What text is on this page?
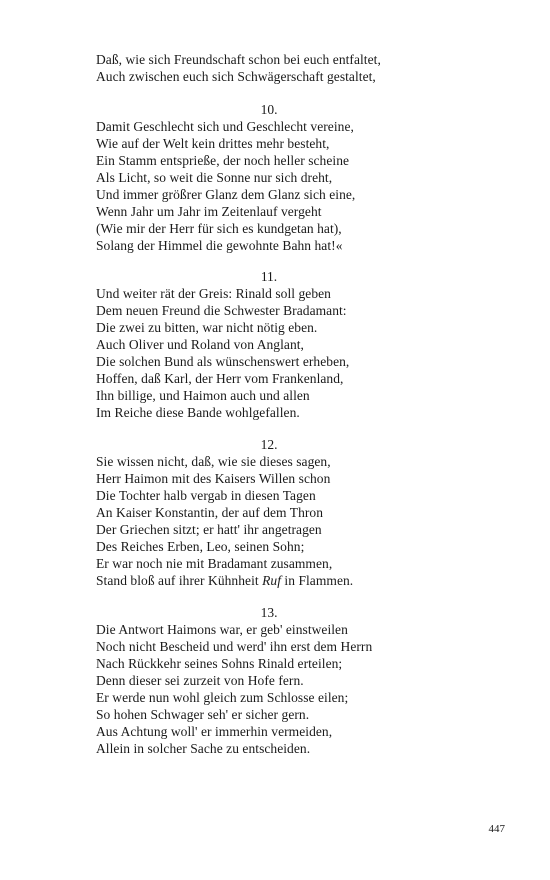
Daß, wie sich Freundschaft schon bei euch entfaltet,
Auch zwischen euch sich Schwägerschaft gestaltet,
10.
Damit Geschlecht sich und Geschlecht vereine,
Wie auf der Welt kein drittes mehr besteht,
Ein Stamm entsprieße, der noch heller scheine
Als Licht, so weit die Sonne nur sich dreht,
Und immer größrer Glanz dem Glanz sich eine,
Wenn Jahr um Jahr im Zeitenlauf vergeht
(Wie mir der Herr für sich es kundgetan hat),
Solang der Himmel die gewohnte Bahn hat!«
11.
Und weiter rät der Greis: Rinald soll geben
Dem neuen Freund die Schwester Bradamant:
Die zwei zu bitten, war nicht nötig eben.
Auch Oliver und Roland von Anglant,
Die solchen Bund als wünschenswert erheben,
Hoffen, daß Karl, der Herr vom Frankenland,
Ihn billige, und Haimon auch und allen
Im Reiche diese Bande wohlgefallen.
12.
Sie wissen nicht, daß, wie sie dieses sagen,
Herr Haimon mit des Kaisers Willen schon
Die Tochter halb vergab in diesen Tagen
An Kaiser Konstantin, der auf dem Thron
Der Griechen sitzt; er hatt' ihr angetragen
Des Reiches Erben, Leo, seinen Sohn;
Er war noch nie mit Bradamant zusammen,
Stand bloß auf ihrer Kühnheit Ruf in Flammen.
13.
Die Antwort Haimons war, er geb' einstweilen
Noch nicht Bescheid und werd' ihn erst dem Herrn
Nach Rückkehr seines Sohns Rinald erteilen;
Denn dieser sei zurzeit von Hofe fern.
Er werde nun wohl gleich zum Schlosse eilen;
So hohen Schwager seh' er sicher gern.
Aus Achtung woll' er immerhin vermeiden,
Allein in solcher Sache zu entscheiden.
447
